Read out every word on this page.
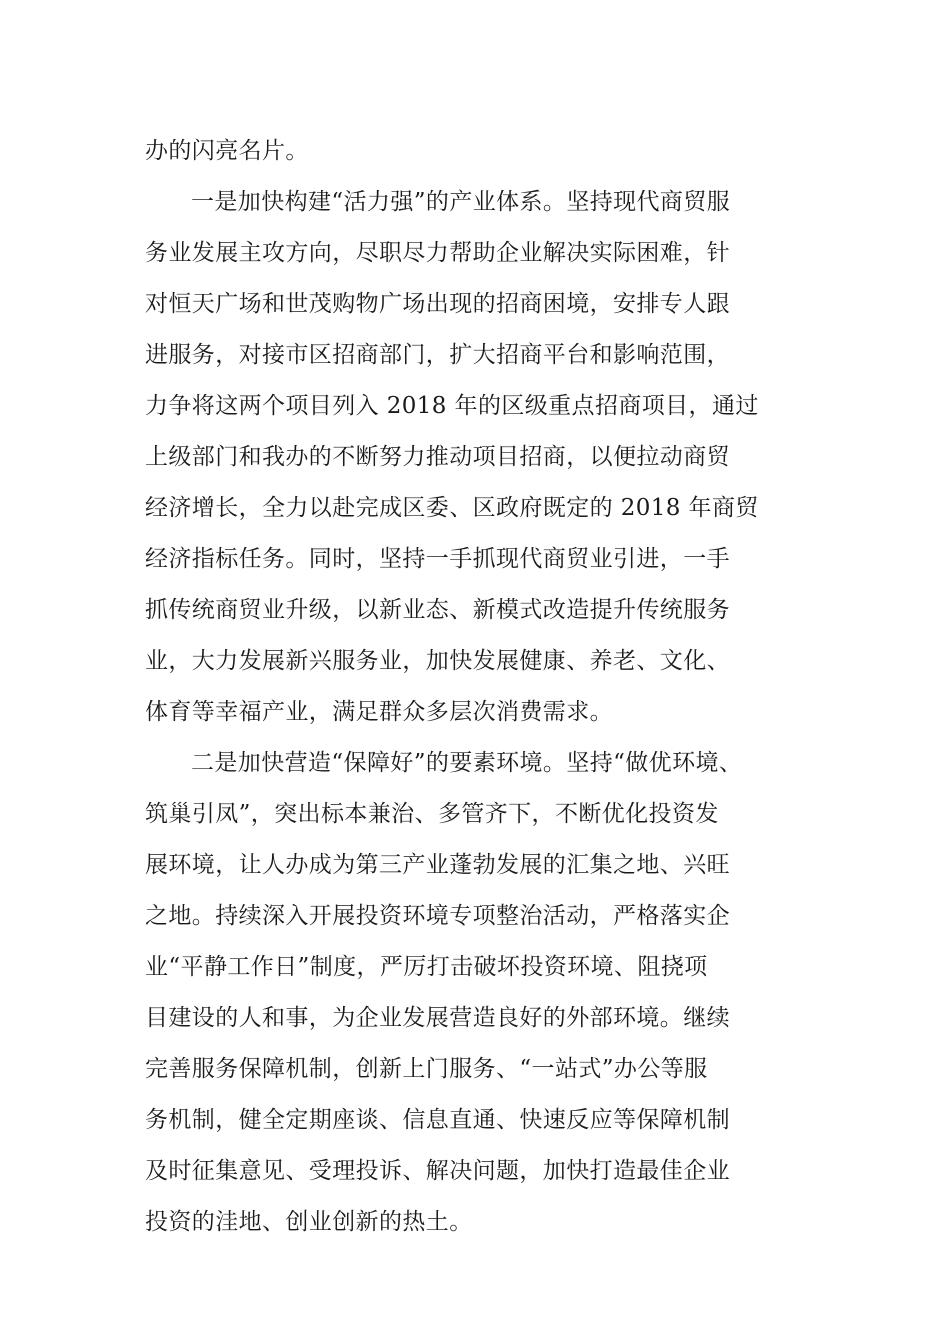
办的闪亮名片。
一是加快构建“活力强”的产业体系。坚持现代商贸服
务业发展主攻方向，尽职尽力帮助企业解决实际困难，针
对恒天广场和世茂购物广场出现的招商困境，安排专人跟
进服务，对接市区招商部门，扩大招商平台和影响范围，
力争将这两个项目列入 2018 年的区级重点招商项目，通过
上级部门和我办的不断努力推动项目招商，以便拉动商贸
经济增长，全力以赴完成区委、区政府既定的 2018 年商贸
经济指标任务。同时，坚持一手抓现代商贸业引进，一手
抓传统商贸业升级，以新业态、新模式改造提升传统服务
业，大力发展新兴服务业，加快发展健康、养老、文化、
体育等幸福产业，满足群众多层次消费需求。
二是加快营造“保障好”的要素环境。坚持“做优环境、
筑巢引凤”，突出标本兼治、多管齐下，不断优化投资发
展环境，让人办成为第三产业蓬勃发展的汇集之地、兴旺
之地。持续深入开展投资环境专项整治活动，严格落实企
业“平静工作日”制度，严厉打击破坏投资环境、阻挠项
目建设的人和事，为企业发展营造良好的外部环境。继续
完善服务保障机制，创新上门服务、“一站式”办公等服
务机制，健全定期座谈、信息直通、快速反应等保障机制
及时征集意见、受理投诉、解决问题，加快打造最佳企业
投资的洼地、创业创新的热土。
